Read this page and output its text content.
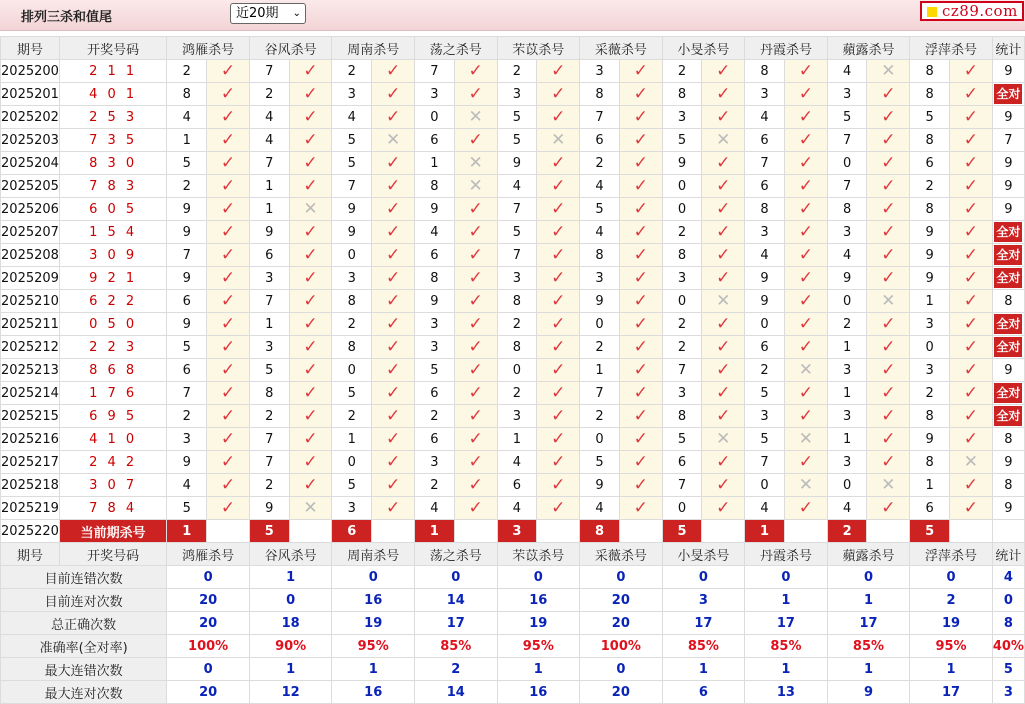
排列三杀和值尾	近20期 ⌄	cz89.com
期号	开奖号码	鸿雁杀号		谷风杀号		周南杀号		荡之杀号		芣苡杀号		采薇杀号		小旻杀号		丹霞杀号		蘋露杀号		浮萍杀号		统计
2025200	2 1 1	2	✓	7	✓	2	✓	7	✓	2	✓	3	✓	2	✓	8	✓	4	✕	8	✓	9
2025201	4 0 1	8	✓	2	✓	3	✓	3	✓	3	✓	8	✓	8	✓	3	✓	3	✓	8	✓	全对
2025202	2 5 3	4	✓	4	✓	4	✓	0	✕	5	✓	7	✓	3	✓	4	✓	5	✓	5	✓	9
2025203	7 3 5	1	✓	4	✓	5	✕	6	✓	5	✕	6	✓	5	✕	6	✓	7	✓	8	✓	7
2025204	8 3 0	5	✓	7	✓	5	✓	1	✕	9	✓	2	✓	9	✓	7	✓	0	✓	6	✓	9
2025205	7 8 3	2	✓	1	✓	7	✓	8	✕	4	✓	4	✓	0	✓	6	✓	7	✓	2	✓	9
2025206	6 0 5	9	✓	1	✕	9	✓	9	✓	7	✓	5	✓	0	✓	8	✓	8	✓	8	✓	9
2025207	1 5 4	9	✓	9	✓	9	✓	4	✓	5	✓	4	✓	2	✓	3	✓	3	✓	9	✓	全对
2025208	3 0 9	7	✓	6	✓	0	✓	6	✓	7	✓	8	✓	8	✓	4	✓	4	✓	9	✓	全对
2025209	9 2 1	9	✓	3	✓	3	✓	8	✓	3	✓	3	✓	3	✓	9	✓	9	✓	9	✓	全对
2025210	6 2 2	6	✓	7	✓	8	✓	9	✓	8	✓	9	✓	0	✕	9	✓	0	✕	1	✓	8
2025211	0 5 0	9	✓	1	✓	2	✓	3	✓	2	✓	0	✓	2	✓	0	✓	2	✓	3	✓	全对
2025212	2 2 3	5	✓	3	✓	8	✓	3	✓	8	✓	2	✓	2	✓	6	✓	1	✓	0	✓	全对
2025213	8 6 8	6	✓	5	✓	0	✓	5	✓	0	✓	1	✓	7	✓	2	✕	3	✓	3	✓	9
2025214	1 7 6	7	✓	8	✓	5	✓	6	✓	2	✓	7	✓	3	✓	5	✓	1	✓	2	✓	全对
2025215	6 9 5	2	✓	2	✓	2	✓	2	✓	3	✓	2	✓	8	✓	3	✓	3	✓	8	✓	全对
2025216	4 1 0	3	✓	7	✓	1	✓	6	✓	1	✓	0	✓	5	✕	5	✕	1	✓	9	✓	8
2025217	2 4 2	9	✓	7	✓	0	✓	3	✓	4	✓	5	✓	6	✓	7	✓	3	✓	8	✕	9
2025218	3 0 7	4	✓	2	✓	5	✓	2	✓	6	✓	9	✓	7	✓	0	✕	0	✕	1	✓	8
2025219	7 8 4	5	✓	9	✕	3	✓	4	✓	4	✓	4	✓	0	✓	4	✓	4	✓	6	✓	9
2025220	当前期杀号	1		5		6		1		3		8		5		1		2		5		
期号	开奖号码	鸿雁杀号		谷风杀号		周南杀号		荡之杀号		芣苡杀号		采薇杀号		小旻杀号		丹霞杀号		蘋露杀号		浮萍杀号		统计
目前连错次数		0		1		0		0		0		0		0		0		0		0		4
目前连对次数		20		0		16		14		16		20		3		1		1		2		0
总正确次数		20		18		19		17		19		20		17		17		17		19		8
准确率(全对率)		100%		90%		95%		85%		95%		100%		85%		85%		85%		95%		40%
最大连错次数		0		1		1		2		1		0		1		1		1		1		5
最大连对次数		20		12		16		14		16		20		6		13		9		17		3
